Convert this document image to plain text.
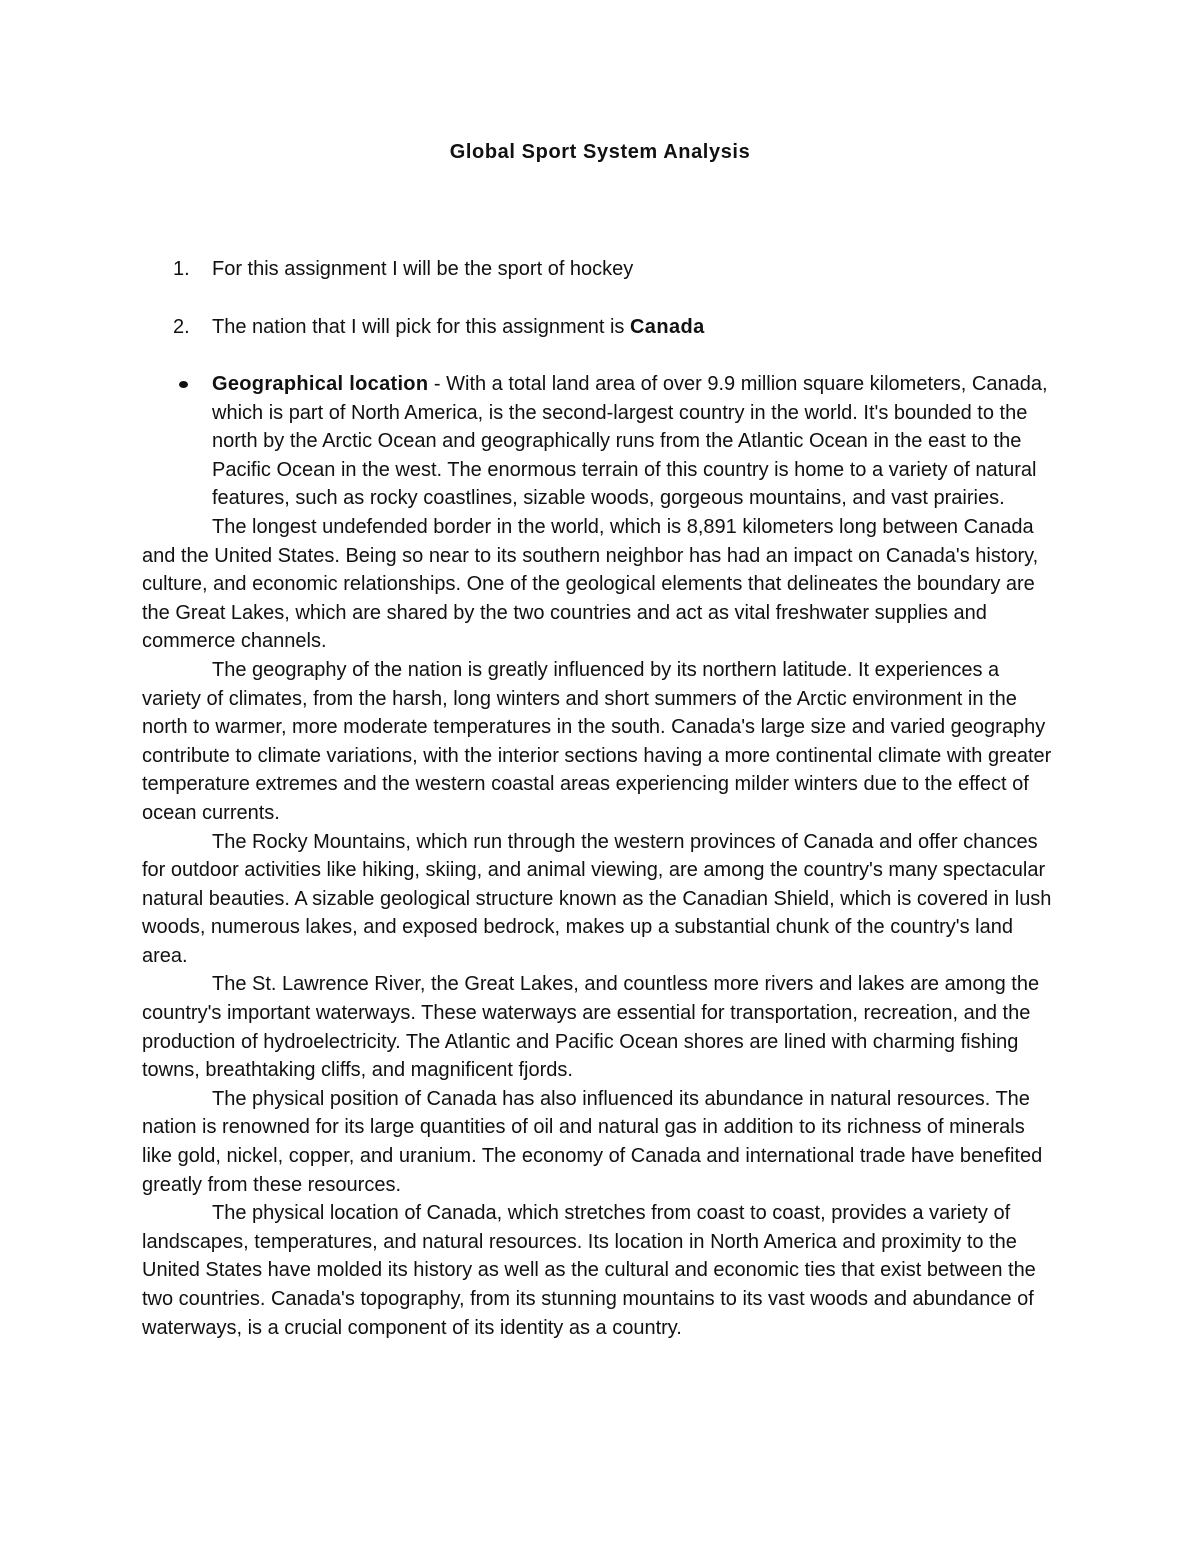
Global Sport System Analysis
1. For this assignment I will be the sport of hockey
2. The nation that I will pick for this assignment is Canada

Geographical location - With a total land area of over 9.9 million square kilometers, Canada, which is part of North America, is the second-largest country in the world. It's bounded to the north by the Arctic Ocean and geographically runs from the Atlantic Ocean in the east to the Pacific Ocean in the west. The enormous terrain of this country is home to a variety of natural features, such as rocky coastlines, sizable woods, gorgeous mountains, and vast prairies.

The longest undefended border in the world, which is 8,891 kilometers long between Canada and the United States. Being so near to its southern neighbor has had an impact on Canada's history, culture, and economic relationships. One of the geological elements that delineates the boundary are the Great Lakes, which are shared by the two countries and act as vital freshwater supplies and commerce channels.

The geography of the nation is greatly influenced by its northern latitude. It experiences a variety of climates, from the harsh, long winters and short summers of the Arctic environment in the north to warmer, more moderate temperatures in the south. Canada's large size and varied geography contribute to climate variations, with the interior sections having a more continental climate with greater temperature extremes and the western coastal areas experiencing milder winters due to the effect of ocean currents.

The Rocky Mountains, which run through the western provinces of Canada and offer chances for outdoor activities like hiking, skiing, and animal viewing, are among the country's many spectacular natural beauties. A sizable geological structure known as the Canadian Shield, which is covered in lush woods, numerous lakes, and exposed bedrock, makes up a substantial chunk of the country's land area.

The St. Lawrence River, the Great Lakes, and countless more rivers and lakes are among the country's important waterways. These waterways are essential for transportation, recreation, and the production of hydroelectricity. The Atlantic and Pacific Ocean shores are lined with charming fishing towns, breathtaking cliffs, and magnificent fjords.

The physical position of Canada has also influenced its abundance in natural resources. The nation is renowned for its large quantities of oil and natural gas in addition to its richness of minerals like gold, nickel, copper, and uranium. The economy of Canada and international trade have benefited greatly from these resources.

The physical location of Canada, which stretches from coast to coast, provides a variety of landscapes, temperatures, and natural resources. Its location in North America and proximity to the United States have molded its history as well as the cultural and economic ties that exist between the two countries. Canada's topography, from its stunning mountains to its vast woods and abundance of waterways, is a crucial component of its identity as a country.
